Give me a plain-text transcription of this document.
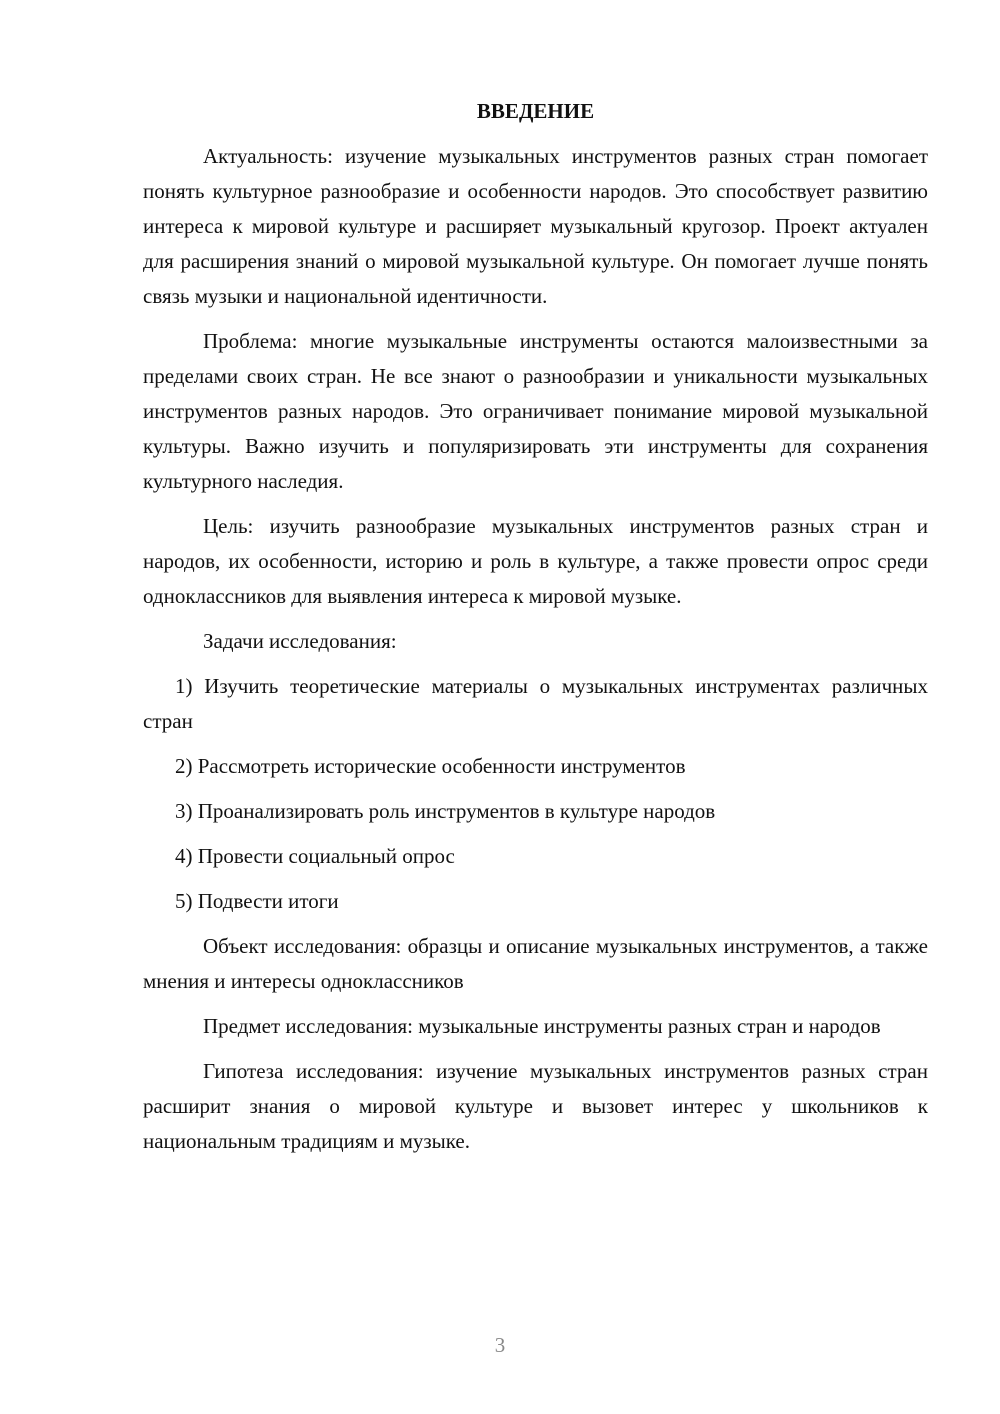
ВВЕДЕНИЕ

Актуальность: изучение музыкальных инструментов разных стран помогает понять культурное разнообразие и особенности народов. Это способствует развитию интереса к мировой культуре и расширяет музыкальный кругозор. Проект актуален для расширения знаний о мировой музыкальной культуре. Он помогает лучше понять связь музыки и национальной идентичности.

Проблема: многие музыкальные инструменты остаются малоизвестными за пределами своих стран. Не все знают о разнообразии и уникальности музыкальных инструментов разных народов. Это ограничивает понимание мировой музыкальной культуры. Важно изучить и популяризировать эти инструменты для сохранения культурного наследия.

Цель: изучить разнообразие музыкальных инструментов разных стран и народов, их особенности, историю и роль в культуре, а также провести опрос среди одноклассников для выявления интереса к мировой музыке.

Задачи исследования:

1) Изучить теоретические материалы о музыкальных инструментах различных стран
2) Рассмотреть исторические особенности инструментов
3) Проанализировать роль инструментов в культуре народов
4) Провести социальный опрос
5) Подвести итоги

Объект исследования: образцы и описание музыкальных инструментов, а также мнения и интересы одноклассников

Предмет исследования: музыкальные инструменты разных стран и народов

Гипотеза исследования: изучение музыкальных инструментов разных стран расширит знания о мировой культуре и вызовет интерес у школьников к национальным традициям и музыке.

3
